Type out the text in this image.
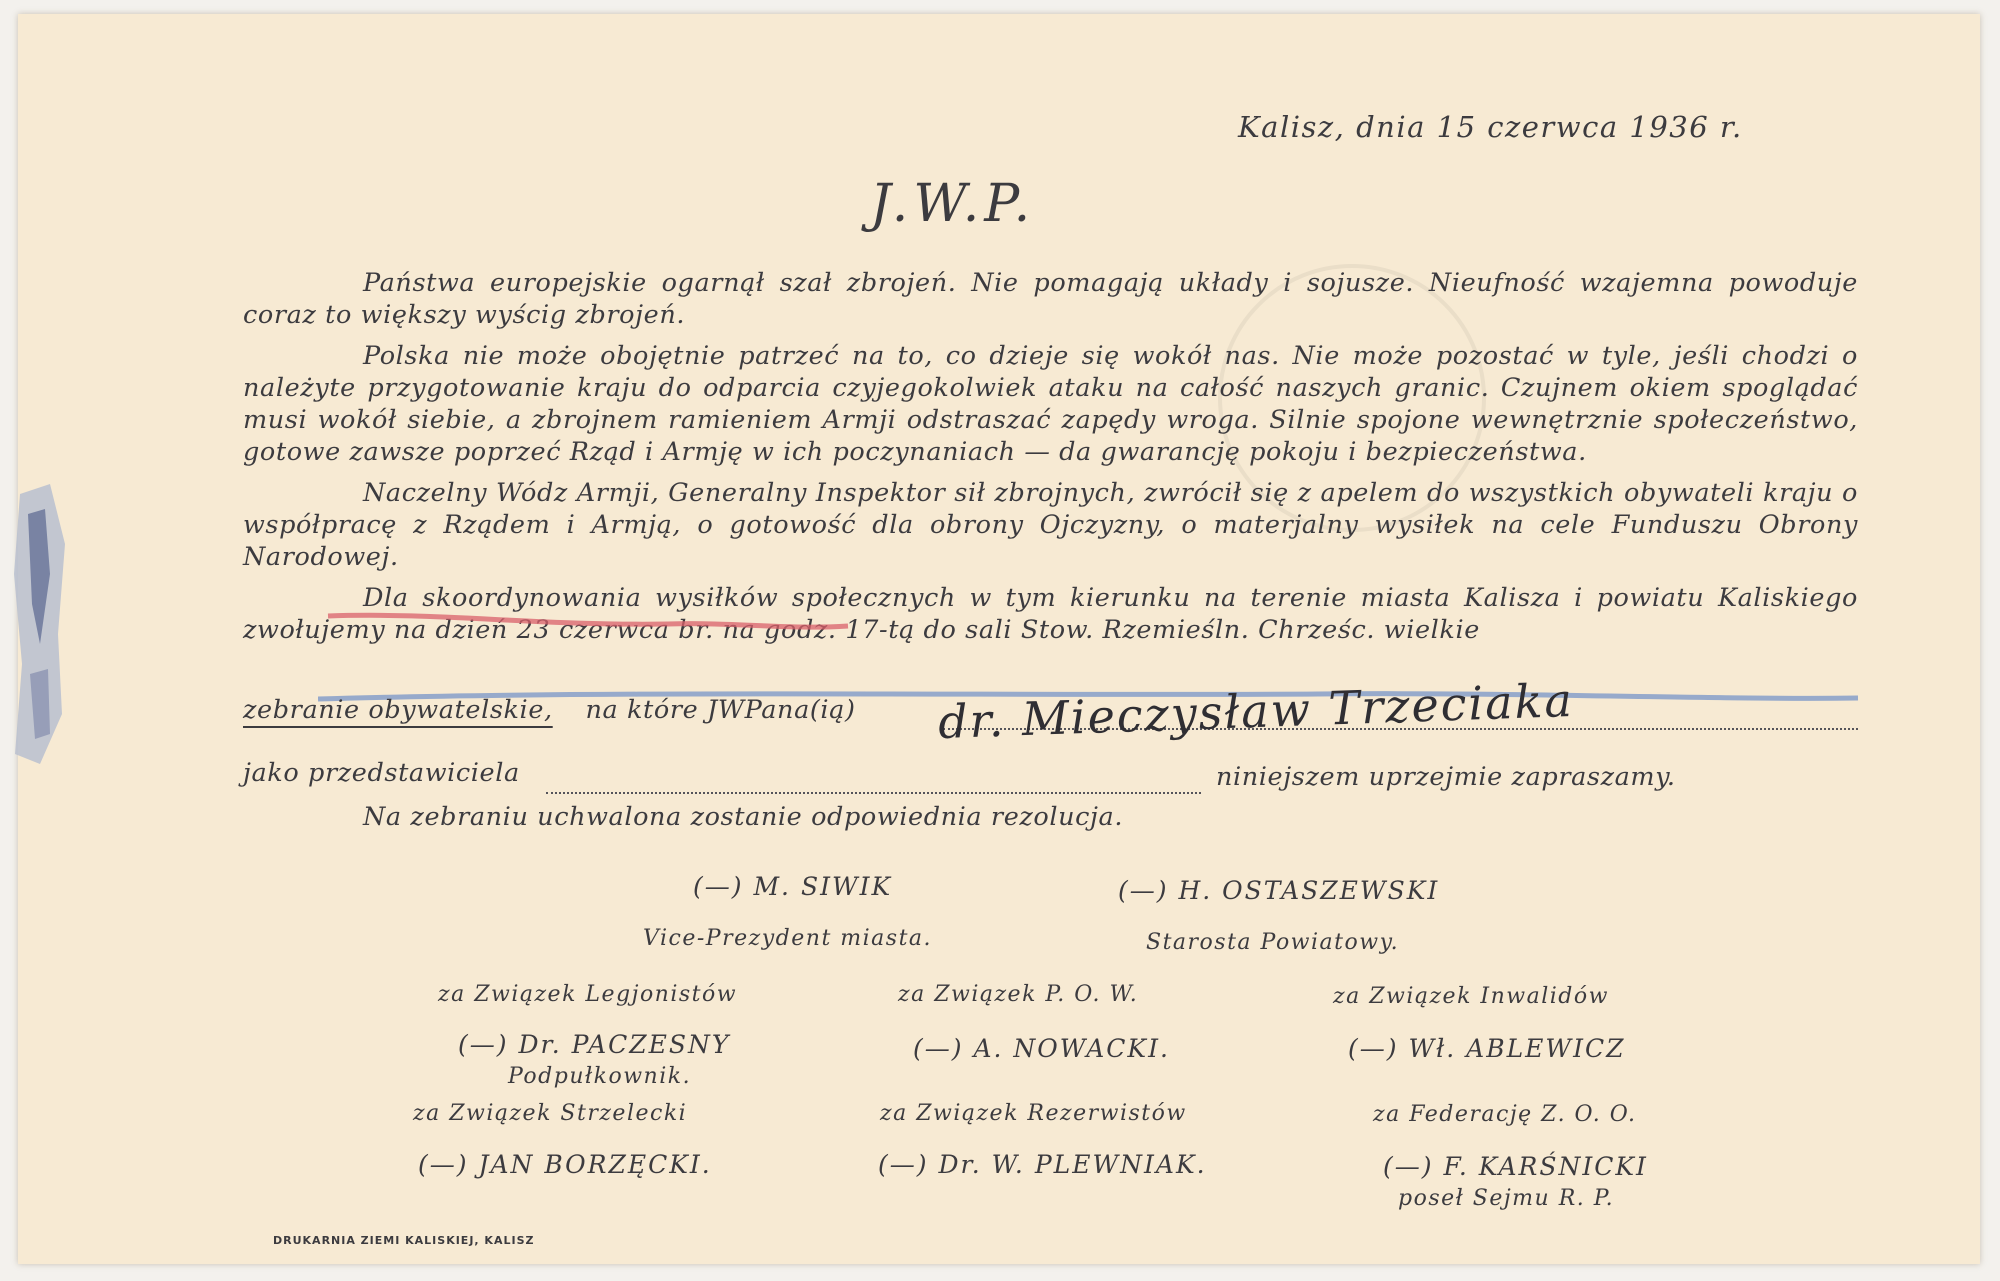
Kalisz, dnia 15 czerwca 1936 r.
J.W.P.

Państwa europejskie ogarnął szał zbrojeń. Nie pomagają układy i sojusze. Nieufność wzajemna powoduje coraz to większy wyścig zbrojeń.

Polska nie może obojętnie patrzeć na to, co dzieje się wokół nas. Nie może pozostać w tyle, jeśli chodzi o należyte przygotowanie kraju do odparcia czyjegokolwiek ataku na całość naszych granic. Czujnem okiem spoglądać musi wokół siebie, a zbrojnem ramieniem Armji odstraszać zapędy wroga. Silnie spojone wewnętrznie społeczeństwo, gotowe zawsze poprzeć Rząd i Armję w ich poczynaniach — da gwarancję pokoju i bezpieczeństwa.

Naczelny Wódz Armji, Generalny Inspektor sił zbrojnych, zwrócił się z apelem do wszystkich obywateli kraju o współpracę z Rządem i Armją, o gotowość dla obrony Ojczyzny, o materjalny wysiłek na cele Funduszu Obrony Narodowej.

Dla skoordynowania wysiłków społecznych w tym kierunku na terenie miasta Kalisza i powiatu Kaliskiego zwołujemy na dzień 23 czerwca br. na godz. 17-tą do sali Stow. Rzemieśln. Chrześc. wielkie

zebranie obywatelskie, na które JWPana(ią)	dr. Mieczysław Trzeciaka
jako przedstawiciela	niniejszem uprzejmie zapraszamy.
Na zebraniu uchwalona zostanie odpowiednia rezolucja.
(—) M. SIWIK
Vice-Prezydent miasta.
(—) H. OSTASZEWSKI
Starosta Powiatowy.
za Związek Legjonistów
(—) Dr. PACZESNY
Podpułkownik.
za Związek P. O. W.
(—) A. NOWACKI.
za Związek Inwalidów
(—) Wł. ABLEWICZ
za Związek Strzelecki
(—) JAN BORZĘCKI.
za Związek Rezerwistów
(—) Dr. W. PLEWNIAK.
za Federację Z. O. O.
(—) F. KARŚNICKI
poseł Sejmu R. P.
DRUKARNIA ZIEMI KALISKIEJ, KALISZ
